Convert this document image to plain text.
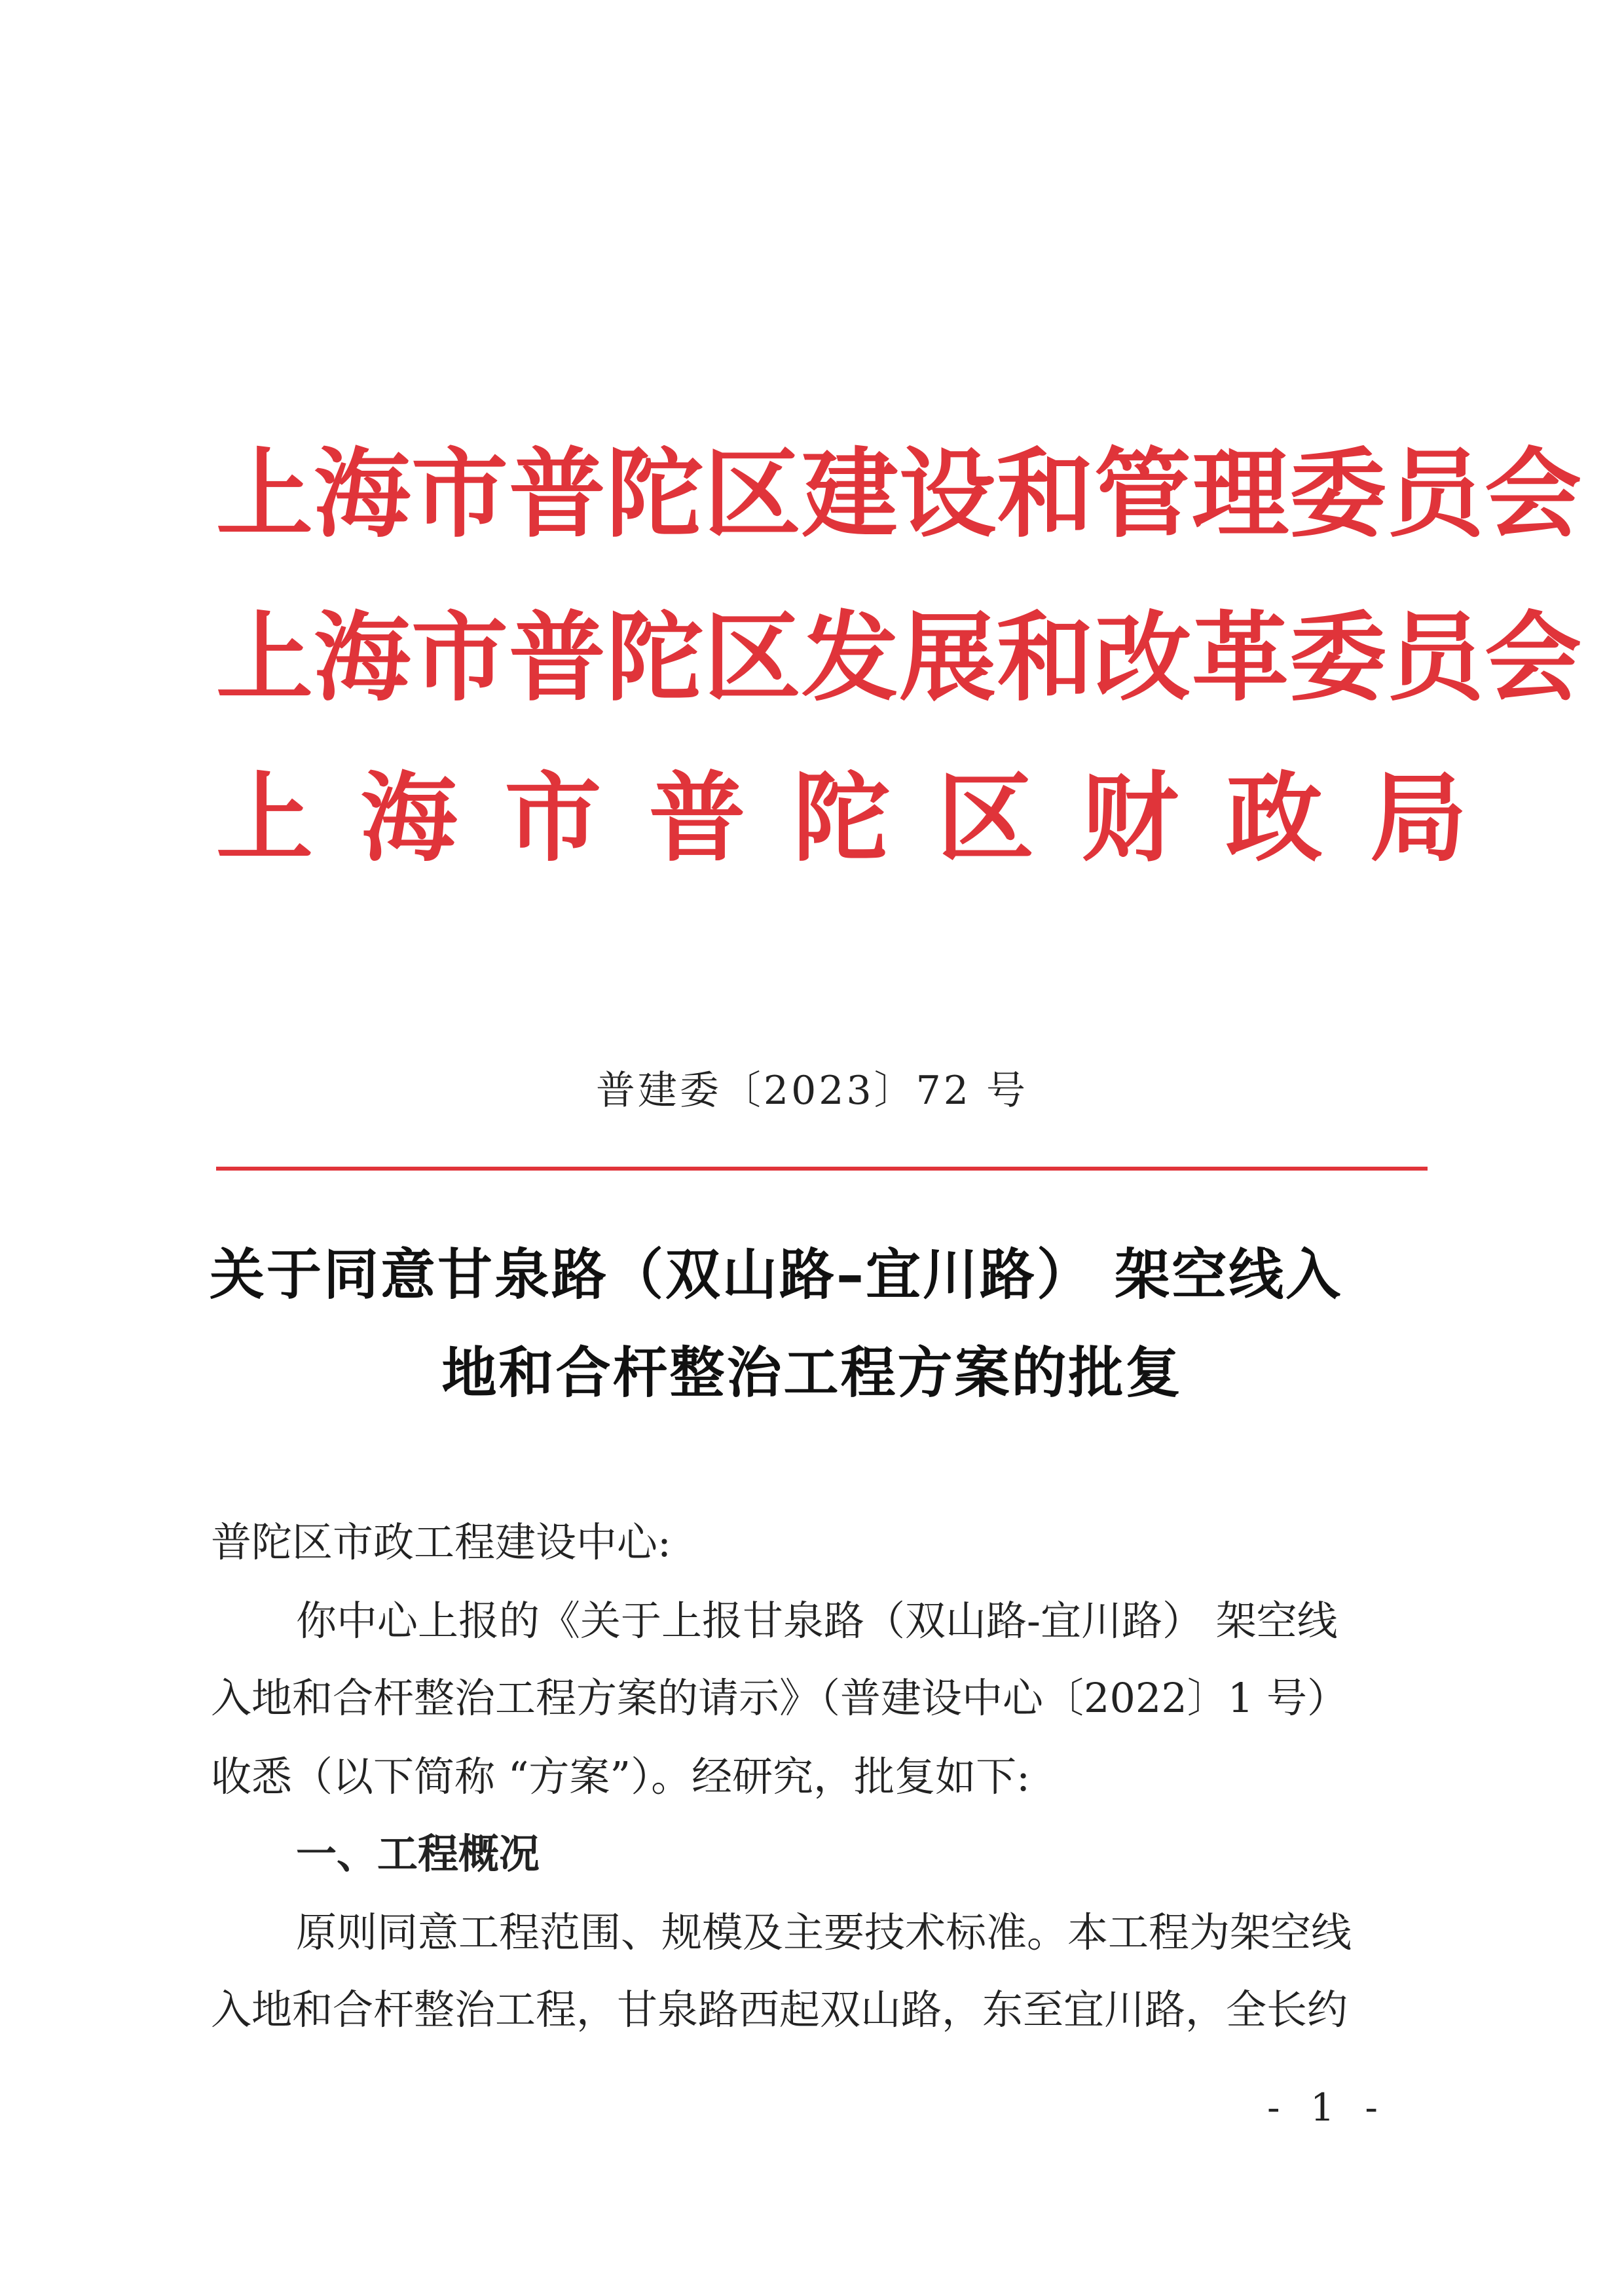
上海市普陀区建设和管理委员会
上海市普陀区发展和改革委员会
上 海 市 普 陀 区 财 政 局
普建委〔2023〕72 号
关于同意甘泉路（双山路–宜川路） 架空线入
地和合杆整治工程方案的批复
普陀区市政工程建设中心:
你中心上报的《关于上报甘泉路（双山路-宜川路） 架空线
入地和合杆整治工程方案的请示》（普建设中心〔2022〕1 号）
收悉（以下简称 “方案”）。经研究，批复如下:
一、工程概况
原则同意工程范围、规模及主要技术标准。本工程为架空线
入地和合杆整治工程，甘泉路西起双山路，东至宜川路，全长约
- 1 -
